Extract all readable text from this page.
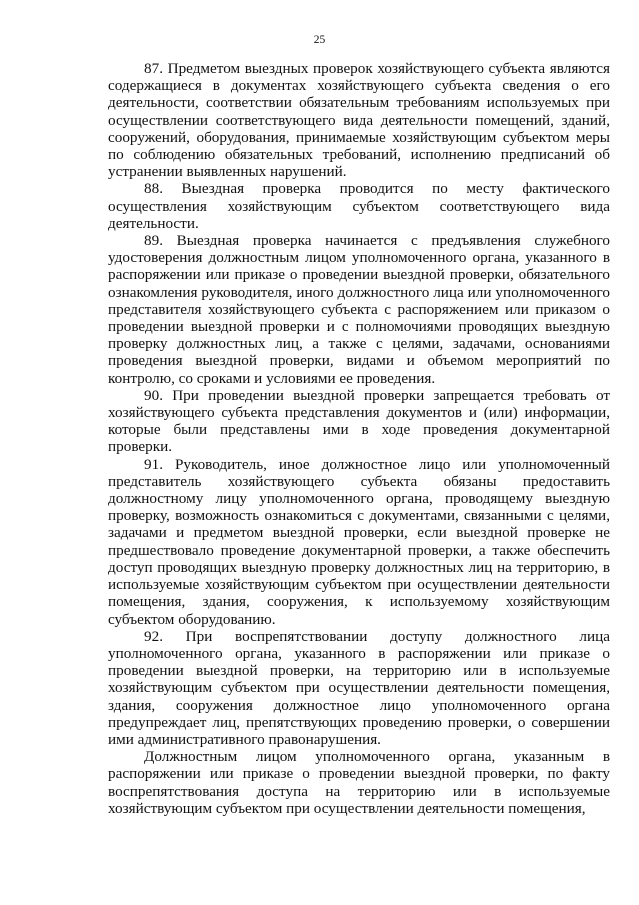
25

87. Предметом выездных проверок хозяйствующего субъекта являются содержащиеся в документах хозяйствующего субъекта сведения о его деятельности, соответствии обязательным требованиям используемых при осуществлении соответствующего вида деятельности помещений, зданий, сооружений, оборудования, принимаемые хозяйствующим субъектом меры по соблюдению обязательных требований, исполнению предписаний об устранении выявленных нарушений.

88. Выездная проверка проводится по месту фактического осуществления хозяйствующим субъектом соответствующего вида деятельности.

89. Выездная проверка начинается с предъявления служебного удостоверения должностным лицом уполномоченного органа, указанного в распоряжении или приказе о проведении выездной проверки, обязательного ознакомления руководителя, иного должностного лица или уполномоченного представителя хозяйствующего субъекта с распоряжением или приказом о проведении выездной проверки и с полномочиями проводящих выездную проверку должностных лиц, а также с целями, задачами, основаниями проведения выездной проверки, видами и объемом мероприятий по контролю, со сроками и условиями ее проведения.

90. При проведении выездной проверки запрещается требовать от хозяйствующего субъекта представления документов и (или) информации, которые были представлены ими в ходе проведения документарной проверки.

91. Руководитель, иное должностное лицо или уполномоченный представитель хозяйствующего субъекта обязаны предоставить должностному лицу уполномоченного органа, проводящему выездную проверку, возможность ознакомиться с документами, связанными с целями, задачами и предметом выездной проверки, если выездной проверке не предшествовало проведение документарной проверки, а также обеспечить доступ проводящих выездную проверку должностных лиц на территорию, в используемые хозяйствующим субъектом при осуществлении деятельности помещения, здания, сооружения, к используемому хозяйствующим субъектом оборудованию.

92. При воспрепятствовании доступу должностного лица уполномоченного органа, указанного в распоряжении или приказе о проведении выездной проверки, на территорию или в используемые хозяйствующим субъектом при осуществлении деятельности помещения, здания, сооружения должностное лицо уполномоченного органа предупреждает лиц, препятствующих проведению проверки, о совершении ими административного правонарушения.

Должностным лицом уполномоченного органа, указанным в распоряжении или приказе о проведении выездной проверки, по факту воспрепятствования доступа на территорию или в используемые хозяйствующим субъектом при осуществлении деятельности помещения,
